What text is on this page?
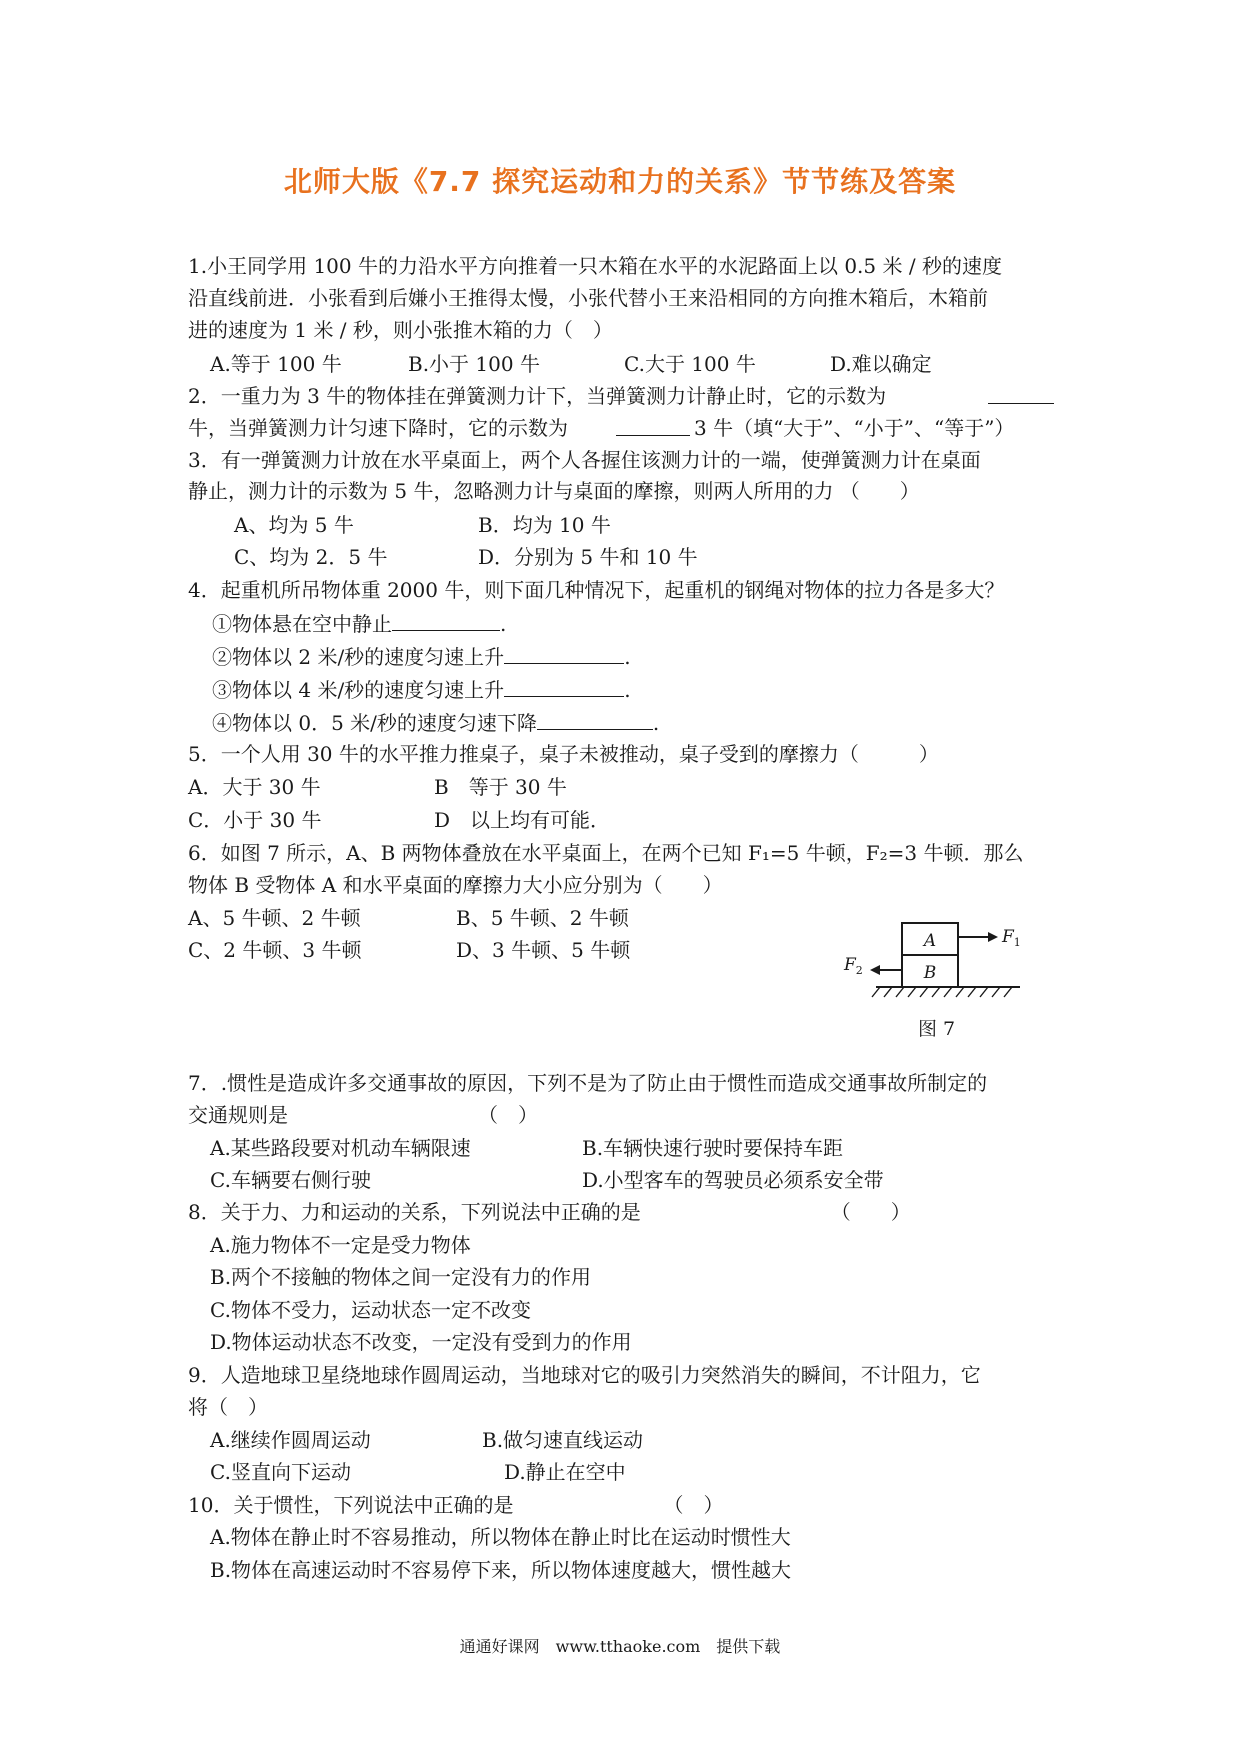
北师大版《7.7 探究运动和力的关系》节节练及答案
1.小王同学用 100 牛的力沿水平方向推着一只木箱在水平的水泥路面上以 0.5 米 / 秒的速度
沿直线前进．小张看到后嫌小王推得太慢，小张代替小王来沿相同的方向推木箱后，木箱前
进的速度为 1 米 / 秒，则小张推木箱的力（　）
A.等于 100 牛	B.小于 100 牛	C.大于 100 牛	D.难以确定
2．一重力为 3 牛的物体挂在弹簧测力计下，当弹簧测力计静止时，它的示数为
牛，当弹簧测力计匀速下降时，它的示数为	3 牛（填“大于”、“小于”、“等于”）
3．有一弹簧测力计放在水平桌面上，两个人各握住该测力计的一端，使弹簧测力计在桌面
静止，测力计的示数为 5 牛，忽略测力计与桌面的摩擦，则两人所用的力 （　　）
A、均为 5 牛	B．均为 10 牛
C、均为 2．5 牛	D．分别为 5 牛和 10 牛
4．起重机所吊物体重 2000 牛，则下面几种情况下，起重机的钢绳对物体的拉力各是多大？
①物体悬在空中静止	.
②物体以 2 米/秒的速度匀速上升	.
③物体以 4 米/秒的速度匀速上升	.
④物体以 0．5 米/秒的速度匀速下降	.
5．一个人用 30 牛的水平推力推桌子，桌子未被推动，桌子受到的摩擦力（　　　）
A．大于 30 牛	B　等于 30 牛
C．小于 30 牛	D　以上均有可能．
6．如图 7 所示，A、B 两物体叠放在水平桌面上，在两个已知 F₁=5 牛顿，F₂=3 牛顿．那么
物体 B 受物体 A 和水平桌面的摩擦力大小应分别为（　　）
A、5 牛顿、2 牛顿	B、5 牛顿、2 牛顿
C、2 牛顿、3 牛顿	D、3 牛顿、5 牛顿	A
B
$F_1$
$F_2$
图 7
7．.惯性是造成许多交通事故的原因，下列不是为了防止由于惯性而造成交通事故所制定的
交通规则是　　　　　　　　　　（　）
A.某些路段要对机动车辆限速	B.车辆快速行驶时要保持车距
C.车辆要右侧行驶	D.小型客车的驾驶员必须系安全带
8．关于力、力和运动的关系，下列说法中正确的是　　　　　　　　　　（　　）
A.施力物体不一定是受力物体
B.两个不接触的物体之间一定没有力的作用
C.物体不受力，运动状态一定不改变
D.物体运动状态不改变，一定没有受到力的作用
9．人造地球卫星绕地球作圆周运动，当地球对它的吸引力突然消失的瞬间，不计阻力，它
将（　）
A.继续作圆周运动	B.做匀速直线运动
C.竖直向下运动	D.静止在空中
10．关于惯性，下列说法中正确的是　　　　　　　　（　）
A.物体在静止时不容易推动，所以物体在静止时比在运动时惯性大
B.物体在高速运动时不容易停下来，所以物体速度越大，惯性越大
通通好课网　www.tthaoke.com　提供下载
